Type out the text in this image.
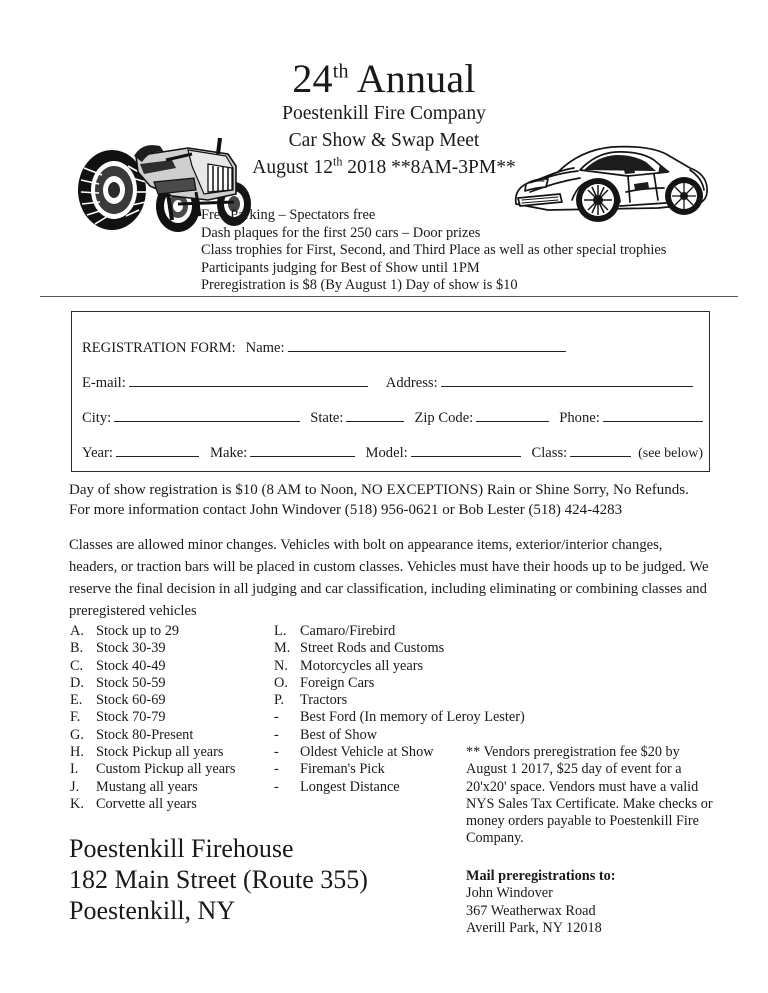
24th Annual
Poestenkill Fire Company
Car Show & Swap Meet
August 12th 2018 **8AM-3PM**
Free Parking – Spectators free
Dash plaques for the first 250 cars – Door prizes
Class trophies for First, Second, and Third Place as well as other special trophies
Participants judging for Best of Show until 1PM
Preregistration is $8 (By August 1) Day of show is $10
REGISTRATION FORM: Name:
E-mail:	Address:
City:	State:	Zip Code:	Phone:
Year:	Make:	Model:	Class:	(see below)
Day of show registration is $10 (8 AM to Noon, NO EXCEPTIONS) Rain or Shine Sorry, No Refunds.
For more information contact John Windover (518) 956-0621 or Bob Lester (518) 424-4283
Classes are allowed minor changes. Vehicles with bolt on appearance items, exterior/interior changes, headers, or traction bars will be placed in custom classes. Vehicles must have their hoods up to be judged. We reserve the final decision in all judging and car classification, including eliminating or combining classes and preregistered vehicles
A. Stock up to 29
B. Stock 30-39
C. Stock 40-49
D. Stock 50-59
E. Stock 60-69
F.	Stock 70-79
G. Stock 80-Present
H. Stock Pickup all years
I.	Custom Pickup all years
J.	Mustang all years
K. Corvette all years
L. Camaro/Firebird
M. Street Rods and Customs
N. Motorcycles all years
O. Foreign Cars
P.	Tractors
-	Best Ford (In memory of Leroy Lester)
-	Best of Show
-	Oldest Vehicle at Show
-	Fireman's Pick
-	Longest Distance
** Vendors preregistration fee $20 by August 1 2017, $25 day of event for a 20'x20' space. Vendors must have a valid NYS Sales Tax Certificate. Make checks or money orders payable to Poestenkill Fire Company.
Poestenkill Firehouse
182 Main Street (Route 355)
Poestenkill, NY
Mail preregistrations to:
John Windover
367 Weatherwax Road
Averill Park, NY 12018
